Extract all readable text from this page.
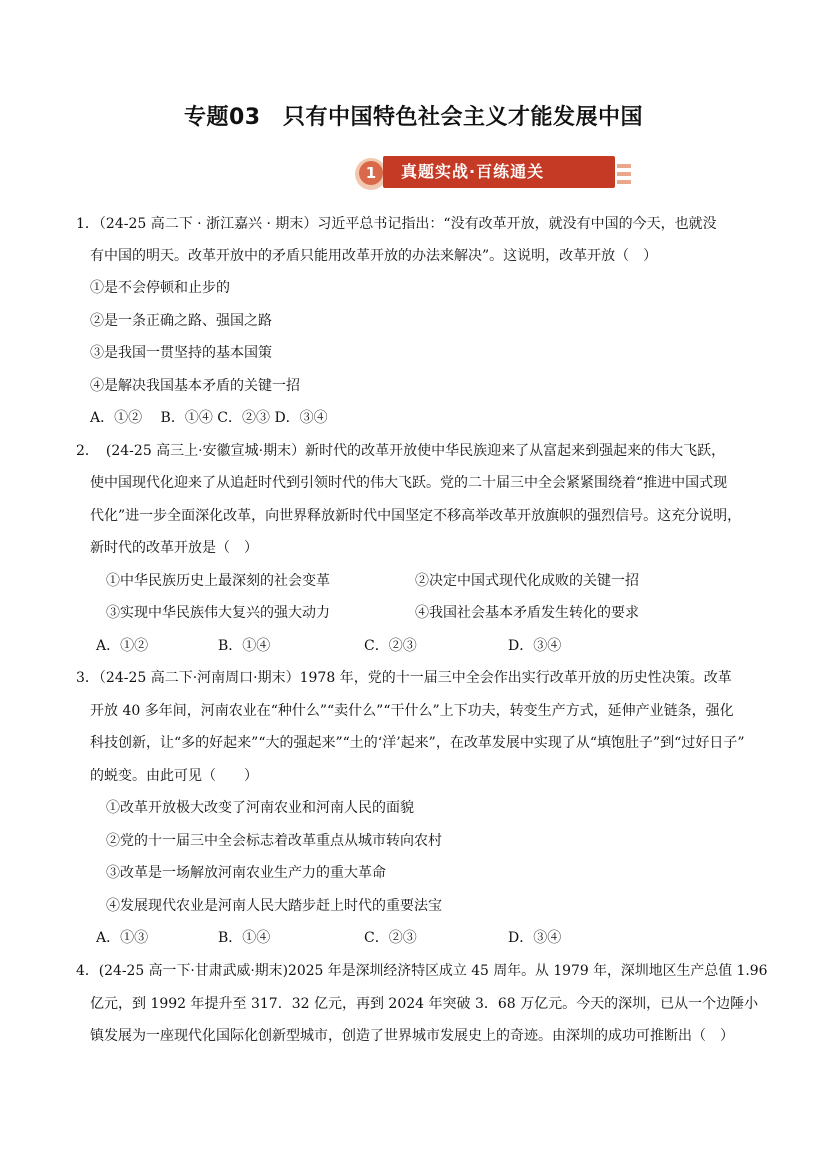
专题03　只有中国特色社会主义才能发展中国
1	真题实战·百练通关
1．（24-25 高二下 · 浙江嘉兴 · 期末）习近平总书记指出：“没有改革开放，就没有中国的今天，也就没
有中国的明天。改革开放中的矛盾只能用改革开放的办法来解决”。这说明，改革开放（　）
①是不会停顿和止步的
②是一条正确之路、强国之路
③是我国一贯坚持的基本国策
④是解决我国基本矛盾的关键一招
A．①②　 B．①④ C．②③ D．③④
2．　(24-25 高三上·安徽宣城·期末）新时代的改革开放使中华民族迎来了从富起来到强起来的伟大飞跃，
使中国现代化迎来了从追赶时代到引领时代的伟大飞跃。党的二十届三中全会紧紧围绕着“推进中国式现
代化”进一步全面深化改革，向世界释放新时代中国坚定不移高举改革开放旗帜的强烈信号。这充分说明，
新时代的改革开放是（　）
①中华民族历史上最深刻的社会变革	②决定中国式现代化成败的关键一招
③实现中华民族伟大复兴的强大动力	④我国社会基本矛盾发生转化的要求
A．①②	B．①④	C．②③	D．③④
3．（24-25 高二下·河南周口·期末）1978 年，党的十一届三中全会作出实行改革开放的历史性决策。改革
开放 40 多年间，河南农业在“种什么”“卖什么”“干什么”上下功夫，转变生产方式，延伸产业链条，强化
科技创新，让“多的好起来”“大的强起来”“土的‘洋’起来”，在改革发展中实现了从“填饱肚子”到“过好日子”
的蜕变。由此可见（　　）
①改革开放极大改变了河南农业和河南人民的面貌
②党的十一届三中全会标志着改革重点从城市转向农村
③改革是一场解放河南农业生产力的重大革命
④发展现代农业是河南人民大踏步赶上时代的重要法宝
A．①③	B．①④	C．②③	D．③④
4．(24-25 高一下·甘肃武威·期末)2025 年是深圳经济特区成立 45 周年。从 1979 年，深圳地区生产总值 1.96
亿元，到 1992 年提升至 317．32 亿元，再到 2024 年突破 3．68 万亿元。今天的深圳，已从一个边陲小
镇发展为一座现代化国际化创新型城市，创造了世界城市发展史上的奇迹。由深圳的成功可推断出（　）
